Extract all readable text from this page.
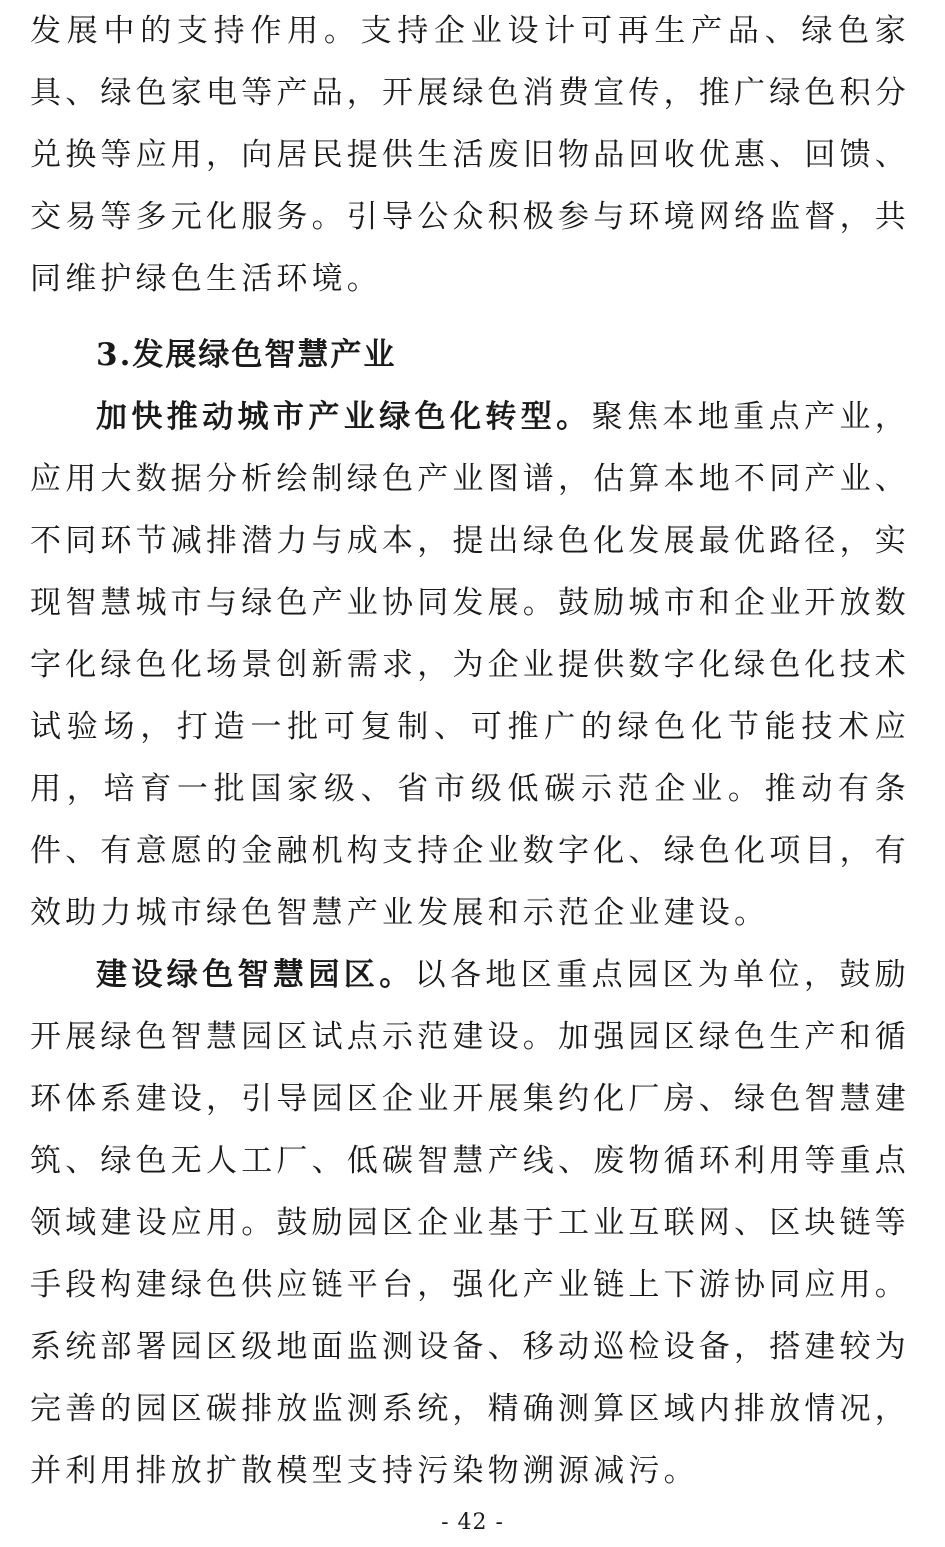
发展中的支持作用。支持企业设计可再生产品、绿色家具、绿色家电等产品，开展绿色消费宣传，推广绿色积分兑换等应用，向居民提供生活废旧物品回收优惠、回馈、交易等多元化服务。引导公众积极参与环境网络监督，共同维护绿色生活环境。
3.发展绿色智慧产业
加快推动城市产业绿色化转型。聚焦本地重点产业，应用大数据分析绘制绿色产业图谱，估算本地不同产业、不同环节减排潜力与成本，提出绿色化发展最优路径，实现智慧城市与绿色产业协同发展。鼓励城市和企业开放数字化绿色化场景创新需求，为企业提供数字化绿色化技术试验场，打造一批可复制、可推广的绿色化节能技术应用，培育一批国家级、省市级低碳示范企业。推动有条件、有意愿的金融机构支持企业数字化、绿色化项目，有效助力城市绿色智慧产业发展和示范企业建设。
建设绿色智慧园区。以各地区重点园区为单位，鼓励开展绿色智慧园区试点示范建设。加强园区绿色生产和循环体系建设，引导园区企业开展集约化厂房、绿色智慧建筑、绿色无人工厂、低碳智慧产线、废物循环利用等重点领域建设应用。鼓励园区企业基于工业互联网、区块链等手段构建绿色供应链平台，强化产业链上下游协同应用。系统部署园区级地面监测设备、移动巡检设备，搭建较为完善的园区碳排放监测系统，精确测算区域内排放情况，并利用排放扩散模型支持污染物溯源减污。
- 42 -
